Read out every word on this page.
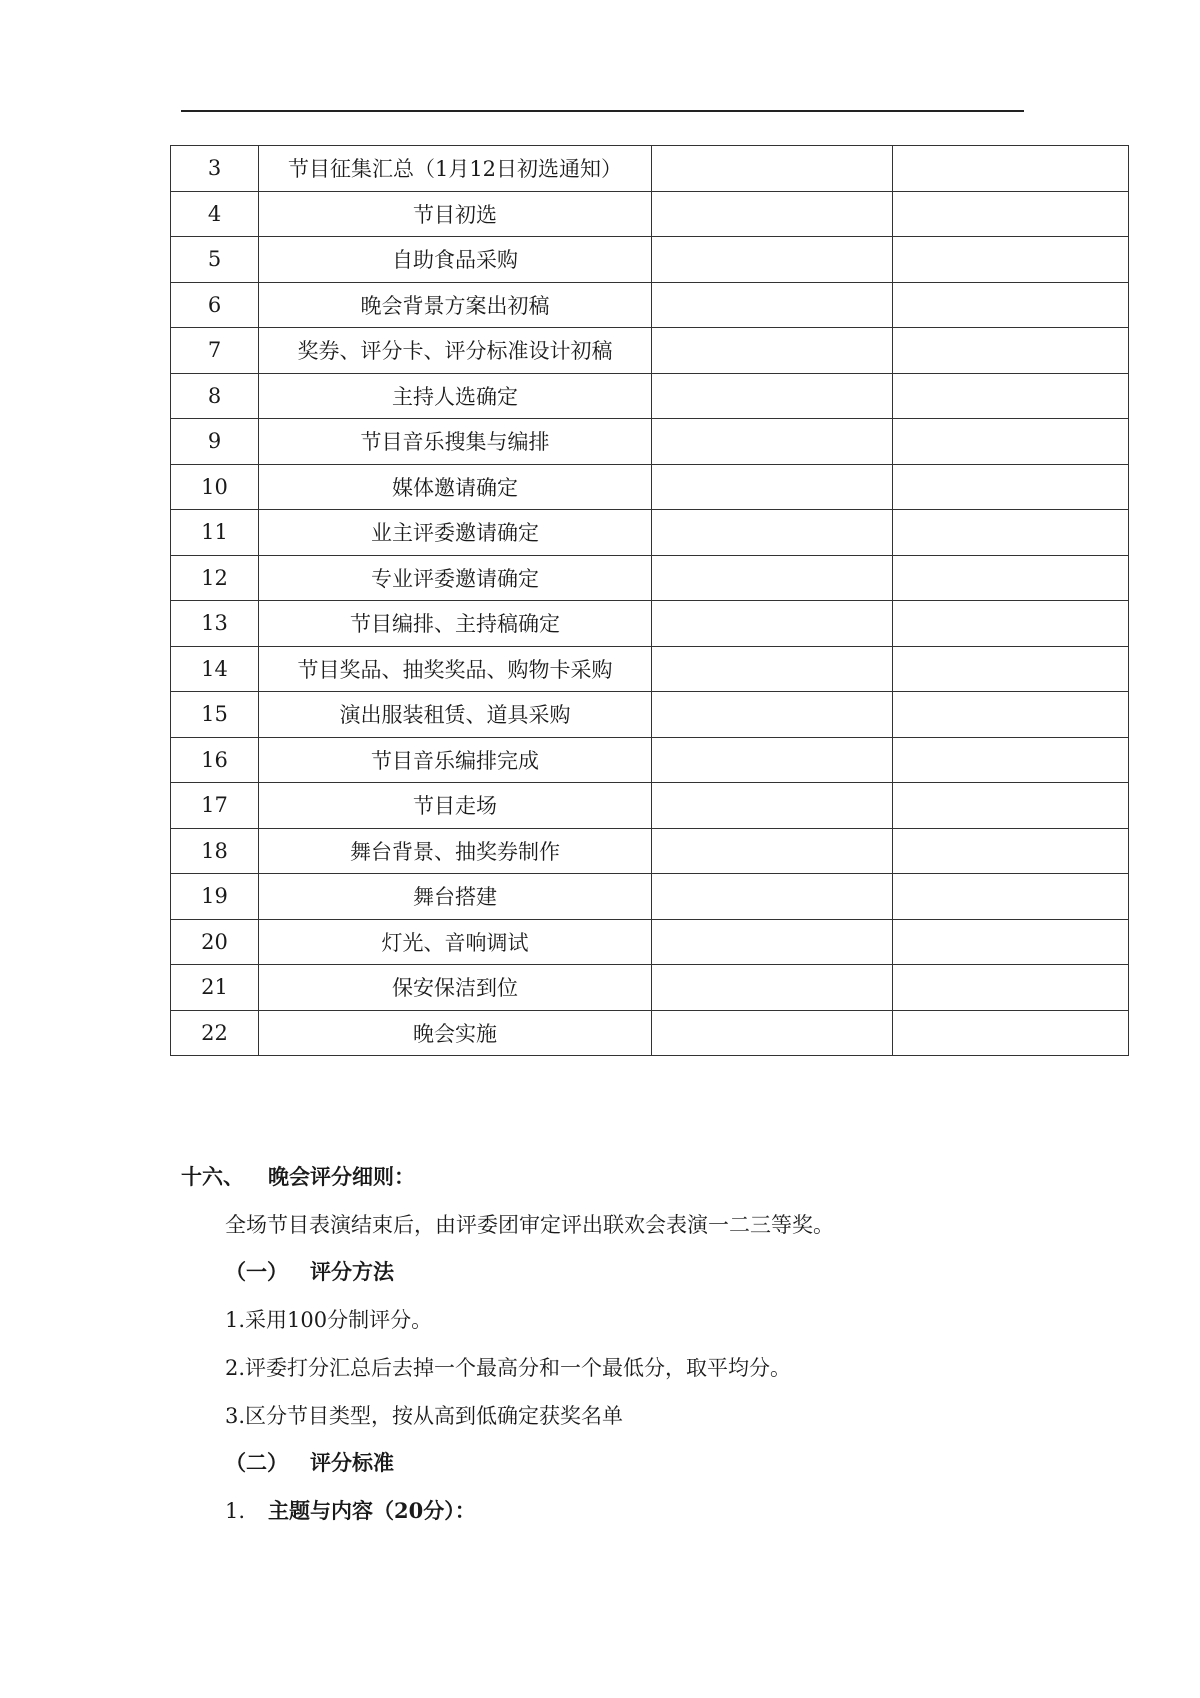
3	节目征集汇总（1月12日初选通知）		
4	节目初选		
5	自助食品采购		
6	晚会背景方案出初稿		
7	奖券、评分卡、评分标准设计初稿		
8	主持人选确定		
9	节目音乐搜集与编排		
10	媒体邀请确定		
11	业主评委邀请确定		
12	专业评委邀请确定		
13	节目编排、主持稿确定		
14	节目奖品、抽奖奖品、购物卡采购		
15	演出服装租赁、道具采购		
16	节目音乐编排完成		
17	节目走场		
18	舞台背景、抽奖券制作		
19	舞台搭建		
20	灯光、音响调试		
21	保安保洁到位		
22	晚会实施		
十六、 晚会评分细则：
全场节目表演结束后，由评委团审定评出联欢会表演一二三等奖。
（一） 评分方法
1.采用100分制评分。
2.评委打分汇总后去掉一个最高分和一个最低分，取平均分。
3.区分节目类型，按从高到低确定获奖名单
（二） 评分标准
1. 主题与内容（20分）：
